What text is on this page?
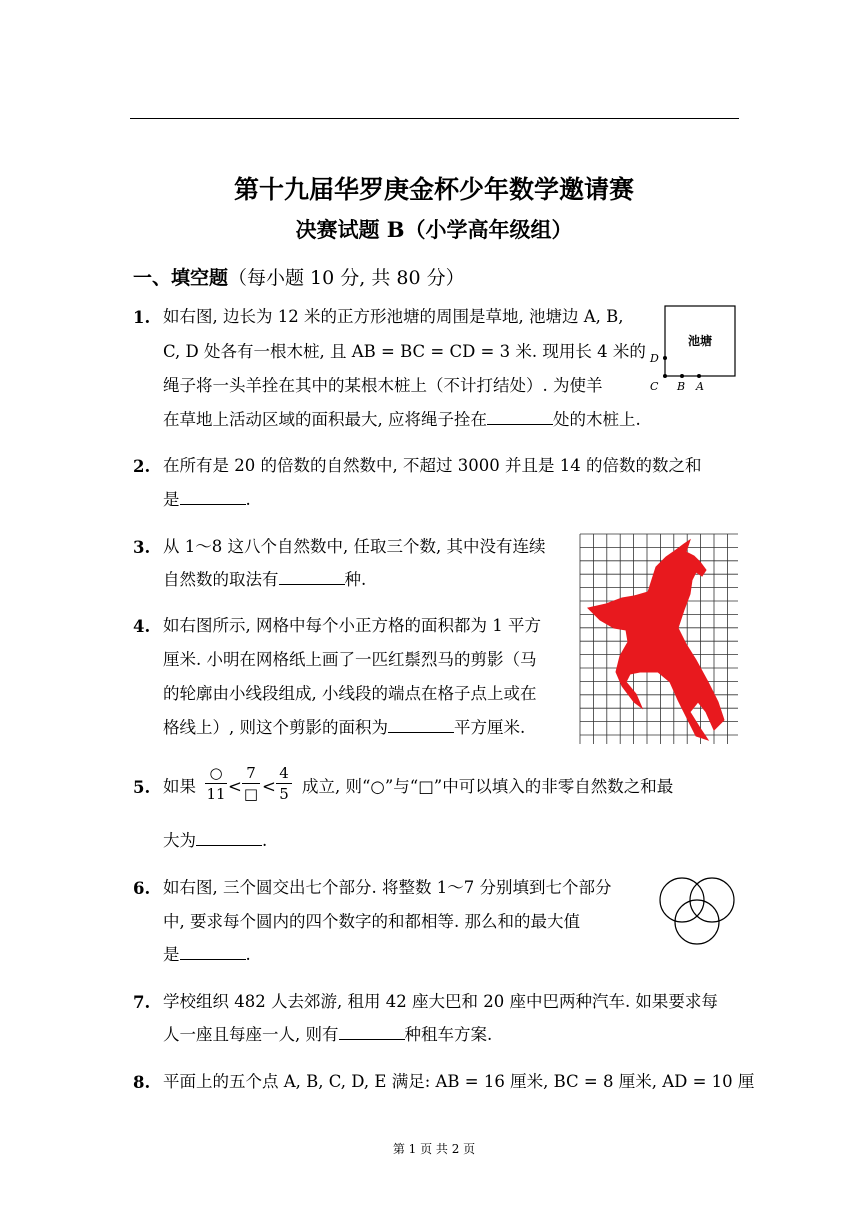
第十九届华罗庚金杯少年数学邀请赛
决赛试题 B（小学高年级组）
一、填空题（每小题 10 分, 共 80 分）
1. 如右图, 边长为 12 米的正方形池塘的周围是草地, 池塘边 A, B,
C, D 处各有一根木桩, 且 AB = BC = CD = 3 米. 现用长 4 米的
绳子将一头羊拴在其中的某根木桩上（不计打结处）. 为使羊
在草地上活动区域的面积最大, 应将绳子拴在	处的木桩上.
池塘
D
C B A
2. 在所有是 20 的倍数的自然数中, 不超过 3000 并且是 14 的倍数的数之和
是	.
3. 从 1～8 这八个自然数中, 任取三个数, 其中没有连续
自然数的取法有	种.
4. 如右图所示, 网格中每个小正方格的面积都为 1 平方
厘米. 小明在网格纸上画了一匹红鬃烈马的剪影（马
的轮廓由小线段组成, 小线段的端点在格子点上或在
格线上）, 则这个剪影的面积为	平方厘米.
5. 如果
○
11 <
7
□ <
4
5 成立, 则“○”与“□”中可以填入的非零自然数之和最
大为	.
6. 如右图, 三个圆交出七个部分. 将整数 1～7 分别填到七个部分
中, 要求每个圆内的四个数字的和都相等. 那么和的最大值
是	.
7. 学校组织 482 人去郊游, 租用 42 座大巴和 20 座中巴两种汽车. 如果要求每
人一座且每座一人, 则有	种租车方案.
8. 平面上的五个点 A, B, C, D, E 满足: AB = 16 厘米, BC = 8 厘米, AD = 10 厘
第 1 页 共 2 页
